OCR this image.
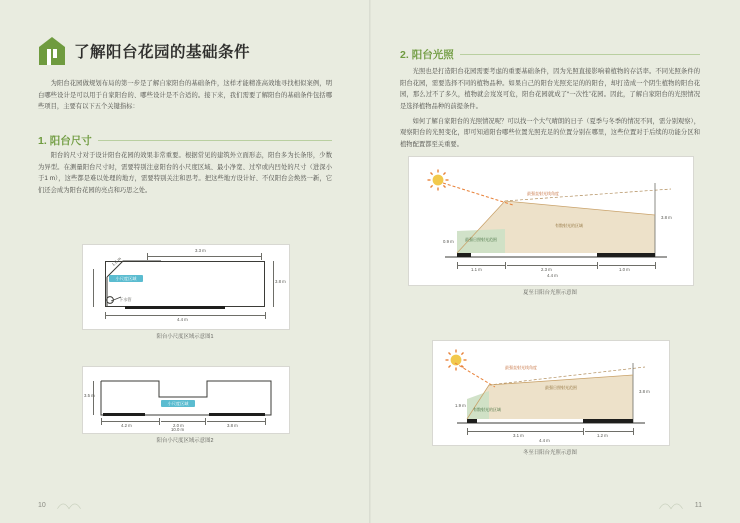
了解阳台花园的基础条件

为阳台花园做规划布局的第一步是了解自家阳台的基础条件，这样才能精准高效地寻找相似案例，明白哪些设计是可以用于自家阳台的、哪些设计是不合适的。接下来，我们需要了解阳台的基础条件包括哪些项目，主要有以下五个关键指标：

1. 阳台尺寸

阳台的尺寸对于设计阳台花园的效果非常重要。根据常见的建筑外立面形态，阳台多为长条形，少数为异型。在测量阳台尺寸时，需要特别注意阳台的小尺度区域、最小净宽、过窄或内凹处的尺寸（进深小于1 m），这些都是难以处理的地方，需要特别关注和思考。把这些地方设计好、不仅阳台会焕然一新，它们还会成为阳台花园的亮点和巧思之处。

3.3 m
1.6 m
3.8 m
4.4 m
小尺度区域
下水管
阳台小尺度区域示意图1
小尺度区域
3.5 m
4.2 m	2.0 m	3.8 m
10.0 m
阳台小尺度区域示意图2
10
2. 阳台光照

光照也是打造阳台花园需要考虑的重要基础条件，因为光照直接影响着植物的存活率。不同光照条件的阳台花园，需要选择不同的植物品种。如果自己的阳台光照充足的的阳台，却打造成一个阴生植物的阳台花园，那么过不了多久，植物就会岌岌可危，阳台花园就成了“一次性”花园。因此，了解自家阳台的光照情况是选择植物品种的前提条件。

如何了解自家阳台的光照情况呢？可以找一个大气晴朗的日子（夏季与冬季的情况不同，需分别观察），观察阳台的光照变化，即可知道阳台哪些位置光照充足的位置分别在哪里，这些位置对于后续的功能分区和植物配置都至关重要。

最强直射光线角度
最强日照射光范围
有散射光的区域
0.9 m
3.8 m
1.1 m	2.3 m	1.0 m
4.4 m
夏至日阳台光照示意图
最强直射光线角度
最强日照射光范围
有散射光的区域
1.9 m
3.8 m
3.1 m	1.2 m
4.4 m
冬至日阳台光照示意图
11
